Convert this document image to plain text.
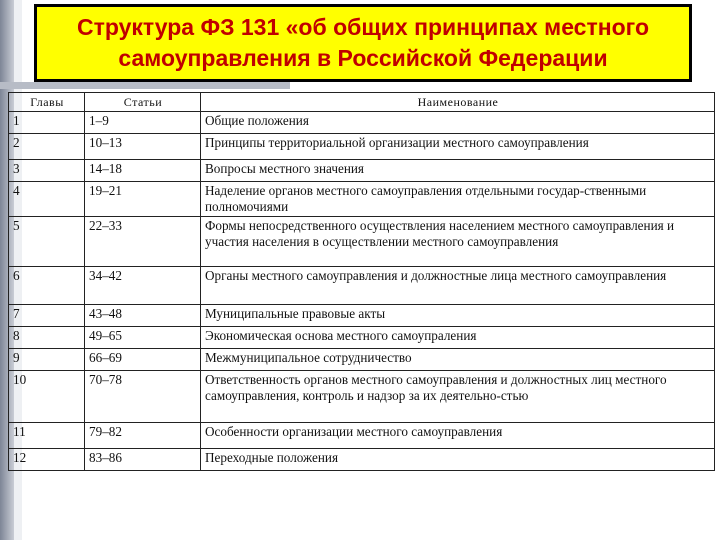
Структура ФЗ 131 «об общих принципах местного самоуправления в Российской Федерации
Главы	Статьи	Наименование
1	1–9	Общие положения
2	10–13	Принципы территориальной организации местного самоуправления
3	14–18	Вопросы местного значения
4	19–21	Наделение органов местного самоуправления отдельными государ-ственными полномочиями
5	22–33	Формы непосредственного осуществления населением местного самоуправления и участия населения в осуществлении местного самоуправления
6	34–42	Органы местного самоуправления и должностные лица местного самоуправления
7	43–48	Муниципальные правовые акты
8	49–65	Экономическая основа местного самоупраления
9	66–69	Межмуниципальное сотрудничество
10	70–78	Ответственность органов местного самоуправления и должностных лиц местного самоуправления, контроль и надзор за их деятельно-стью
11	79–82	Особенности организации местного самоуправления
12	83–86	Переходные положения
